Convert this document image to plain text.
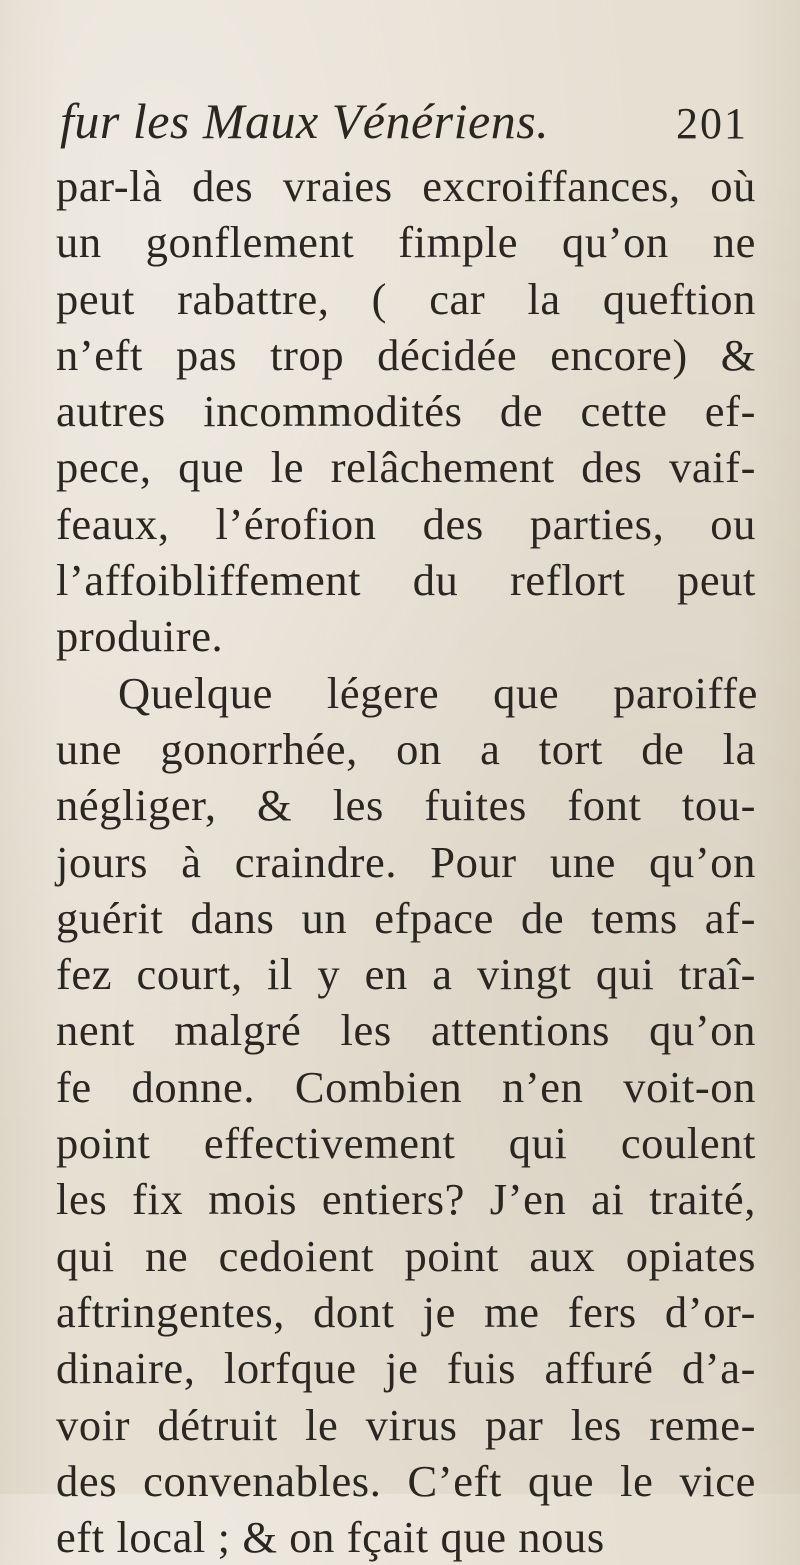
fur les Maux Vénériens.	201
par-là des vraies excroiffances, où
un gonflement fimple qu’on ne
peut rabattre, ( car la queftion
n’eft pas trop décidée encore) &
autres incommodités de cette ef-
pece, que le relâchement des vaif-
feaux, l’érofion des parties, ou
l’affoibliffement du reflort peut
produire.
Quelque légere que paroiffe
une gonorrhée, on a tort de la
négliger, & les fuites font tou-
jours à craindre. Pour une qu’on
guérit dans un efpace de tems af-
fez court, il y en a vingt qui traî-
nent malgré les attentions qu’on
fe donne. Combien n’en voit-on
point effectivement qui coulent
les fix mois entiers? J’en ai traité,
qui ne cedoient point aux opiates
aftringentes, dont je me fers d’or-
dinaire, lorfque je fuis affuré d’a-
voir détruit le virus par les reme-
des convenables. C’eft que le vice
eft local ; & on fçait que nous
